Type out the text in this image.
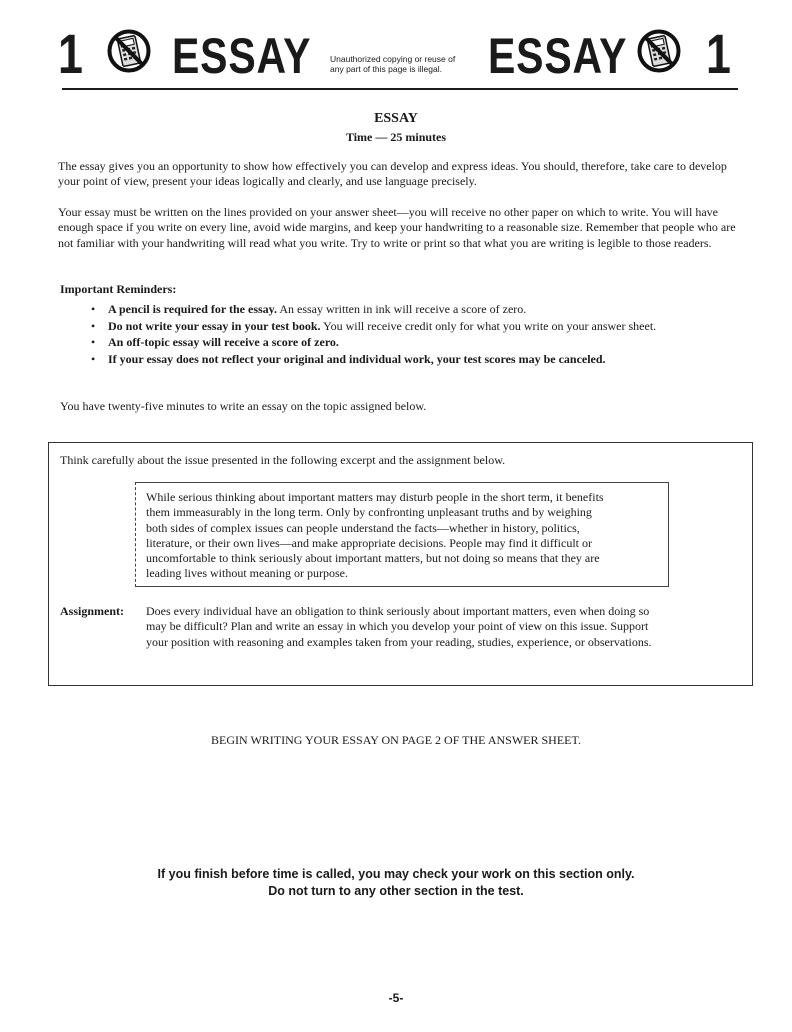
1 ESSAY Unauthorized copying or reuse of
any part of this page is illegal. ESSAY 1
ESSAY
Time — 25 minutes
The essay gives you an opportunity to show how effectively you can develop and express ideas. You should, therefore, take care to develop your point of view, present your ideas logically and clearly, and use language precisely.
Your essay must be written on the lines provided on your answer sheet—you will receive no other paper on which to write. You will have enough space if you write on every line, avoid wide margins, and keep your handwriting to a reasonable size. Remember that people who are not familiar with your handwriting will read what you write. Try to write or print so that what you are writing is legible to those readers.
Important Reminders:
• A pencil is required for the essay. An essay written in ink will receive a score of zero.
• Do not write your essay in your test book. You will receive credit only for what you write on your answer sheet.
• An off-topic essay will receive a score of zero.
• If your essay does not reflect your original and individual work, your test scores may be canceled.
You have twenty-five minutes to write an essay on the topic assigned below.
Think carefully about the issue presented in the following excerpt and the assignment below.
While serious thinking about important matters may disturb people in the short term, it benefits
them immeasurably in the long term. Only by confronting unpleasant truths and by weighing
both sides of complex issues can people understand the facts—whether in history, politics,
literature, or their own lives—and make appropriate decisions. People may find it difficult or
uncomfortable to think seriously about important matters, but not doing so means that they are
leading lives without meaning or purpose.
Assignment: Does every individual have an obligation to think seriously about important matters, even when doing so
may be difficult? Plan and write an essay in which you develop your point of view on this issue. Support
your position with reasoning and examples taken from your reading, studies, experience, or observations.
BEGIN WRITING YOUR ESSAY ON PAGE 2 OF THE ANSWER SHEET.
If you finish before time is called, you may check your work on this section only.
Do not turn to any other section in the test.
-5-
